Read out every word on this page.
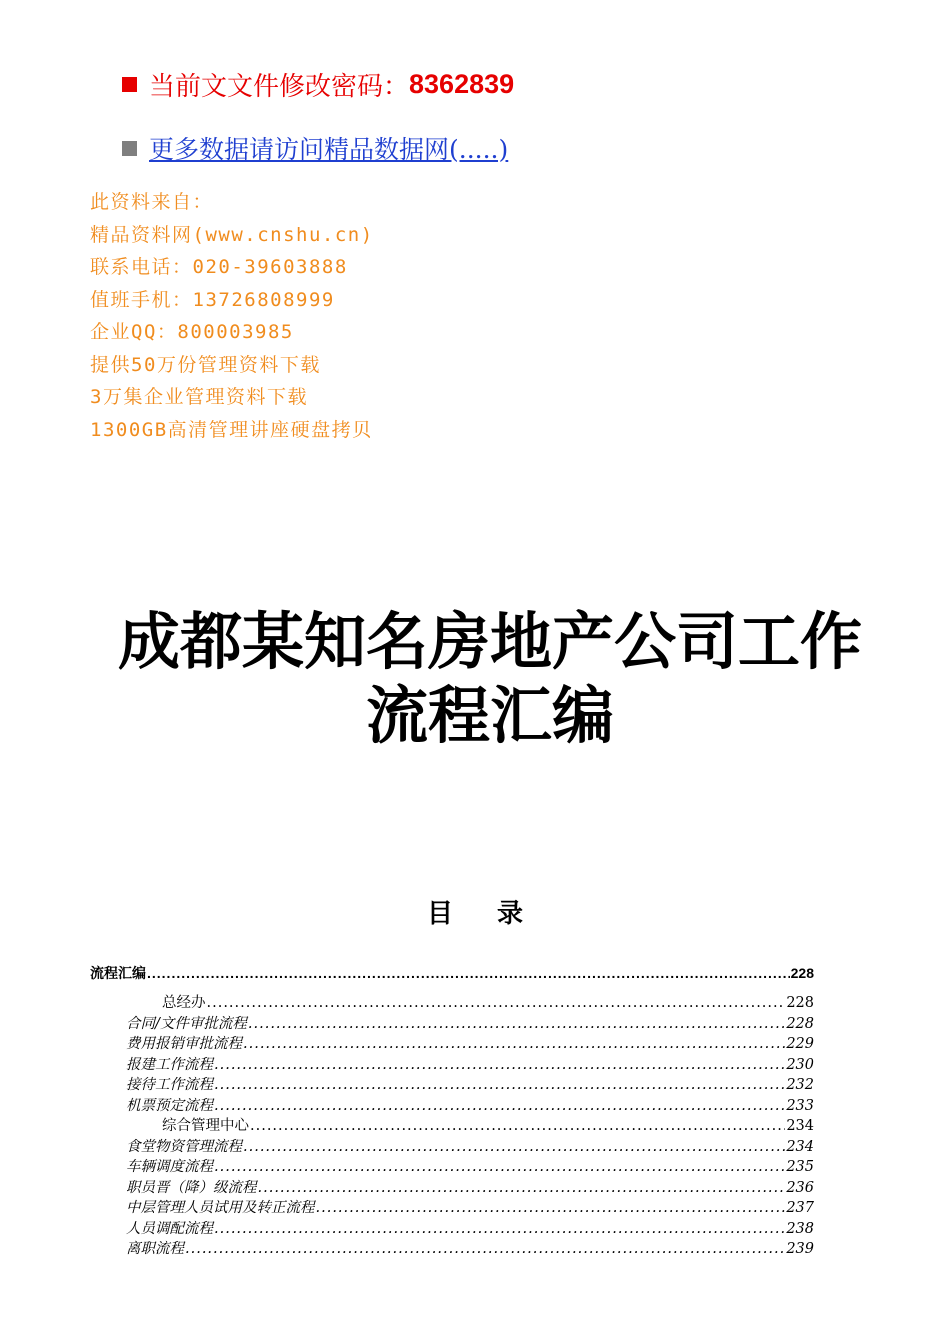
当前文文件修改密码： 8362839
更多数据请访问精品数据网(.....)
此资料来自：
精品资料网(www.cnshu.cn)
联系电话：020-39603888
值班手机：13726808999
企业QQ：800003985
提供50万份管理资料下载
3万集企业管理资料下载
1300GB高清管理讲座硬盘拷贝
成都某知名房地产公司工作
流程汇编
目 录
流程汇编 .....	228
总经办 .....	228
合同/文件审批流程 .....	228
费用报销审批流程 .....	229
报建工作流程 .....	230
接待工作流程 .....	232
机票预定流程 .....	233
综合管理中心 .....	234
食堂物资管理流程 .....	234
车辆调度流程 .....	235
职员晋（降）级流程 .....	236
中层管理人员试用及转正流程 .....	237
人员调配流程 .....	238
离职流程 .....	239
